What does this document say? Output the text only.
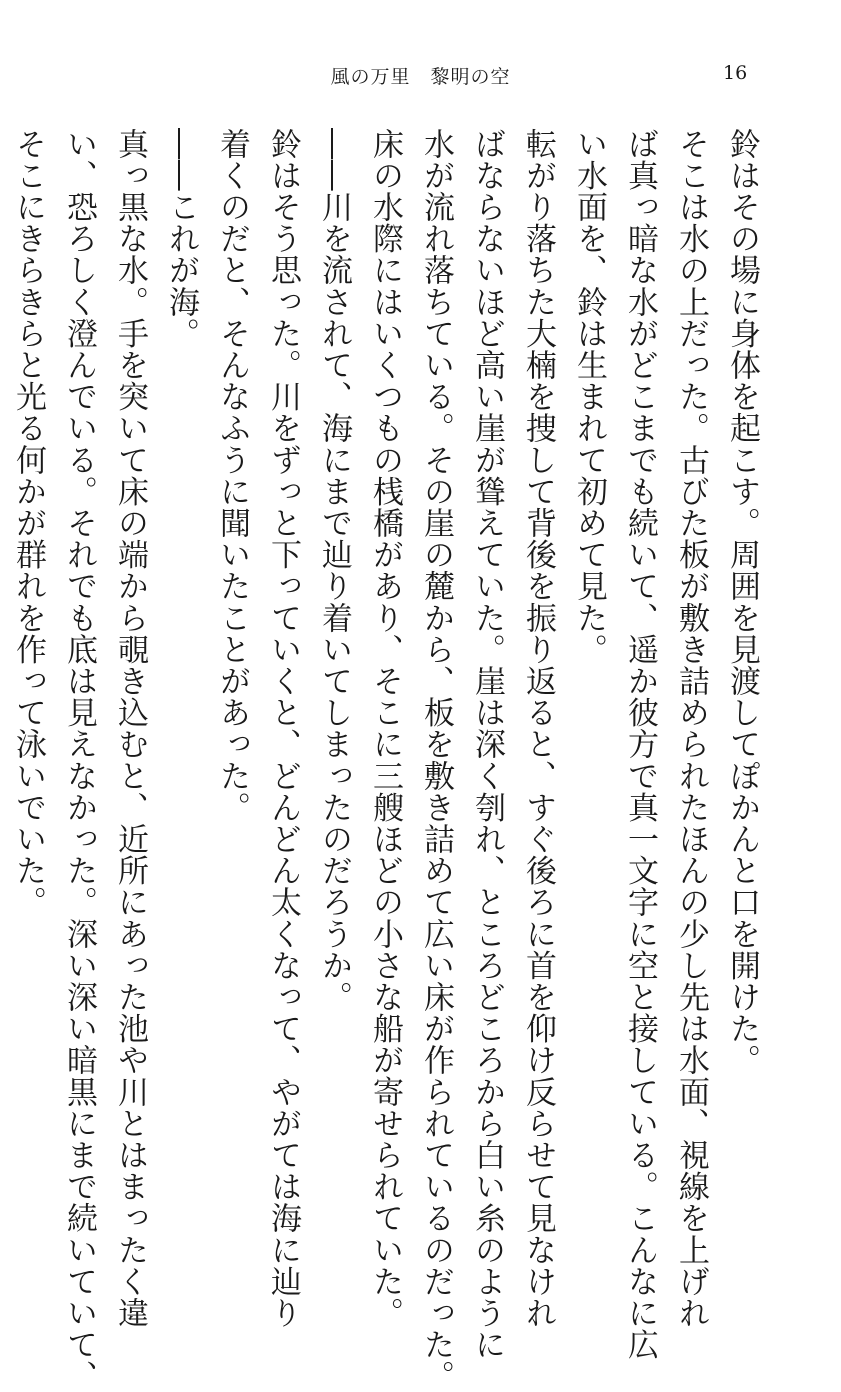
風の万里　黎明の空	16
鈴はその場に身体を起こす。周囲を見渡してぽかんと口を開けた。
そこは水の上だった。古びた板が敷き詰められたほんの少し先は水面、視線を上げれ
ば真っ暗な水がどこまでも続いて、遥か彼方で真一文字に空と接している。こんなに広
い水面を、鈴は生まれて初めて見た。
転がり落ちた大楠を捜して背後を振り返ると、すぐ後ろに首を仰け反らせて見なけれ
ばならないほど高い崖が聳えていた。崖は深く刳れ、ところどころから白い糸のように
水が流れ落ちている。その崖の麓から、板を敷き詰めて広い床が作られているのだった。
床の水際にはいくつもの桟橋があり、そこに三艘ほどの小さな船が寄せられていた。
――川を流されて、海にまで辿り着いてしまったのだろうか。
鈴はそう思った。川をずっと下っていくと、どんどん太くなって、やがては海に辿り
着くのだと、そんなふうに聞いたことがあった。
――これが海。
真っ黒な水。手を突いて床の端から覗き込むと、近所にあった池や川とはまったく違
い、恐ろしく澄んでいる。それでも底は見えなかった。深い深い暗黒にまで続いていて、
そこにきらきらと光る何かが群れを作って泳いでいた。
